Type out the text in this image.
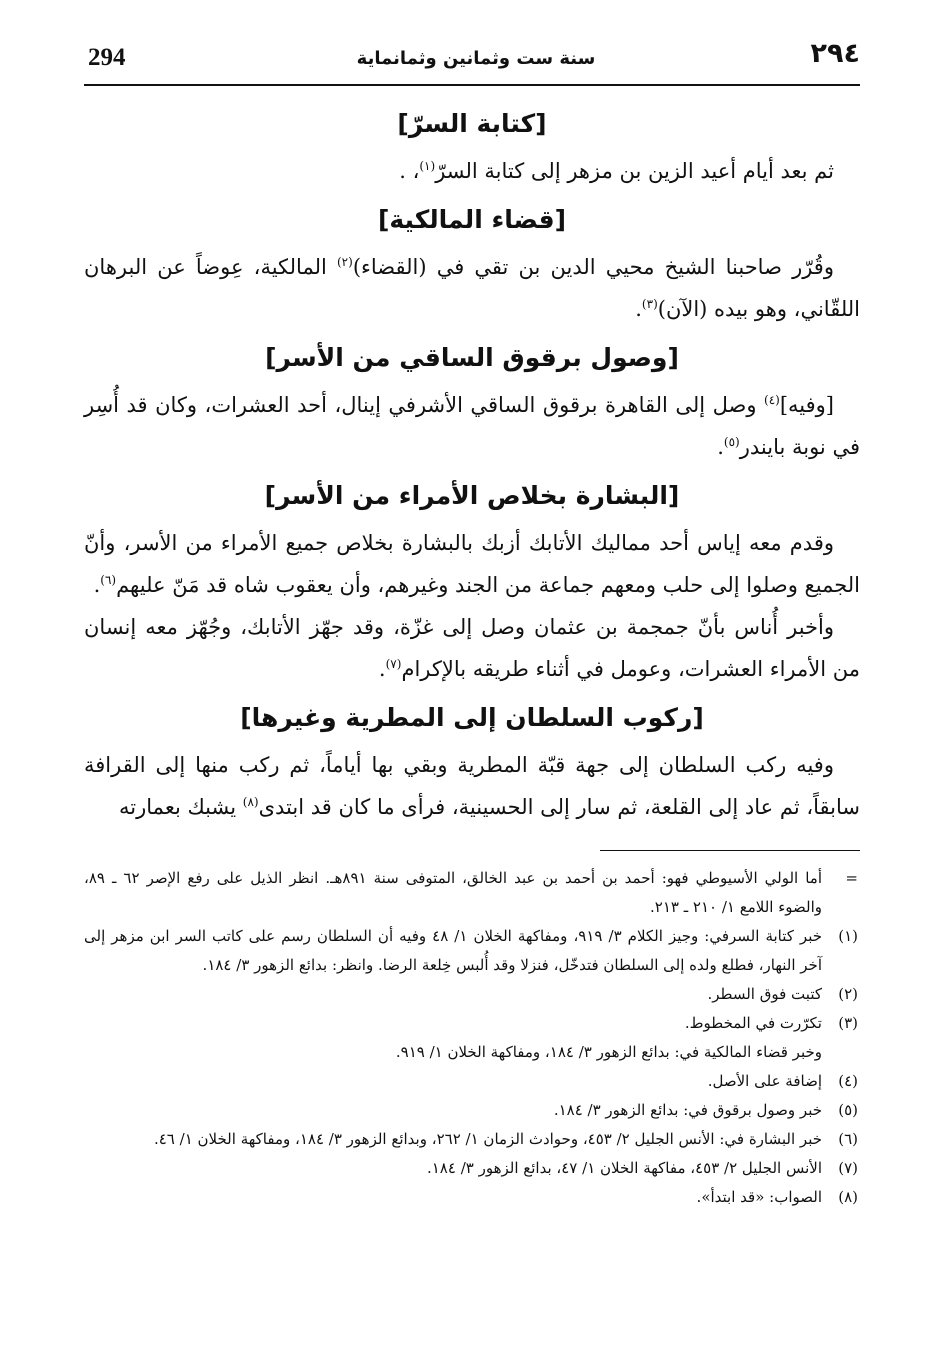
294	سنة ست وثمانين وثمانماية	٢٩٤
[كتابة السرّ]

ثم بعد أيام أعيد الزين بن مزهر إلى كتابة السرّ$^{(١)}$، .

[قضاء المالكية]

وقُرّر صاحبنا الشيخ محيي الدين بن تقي في (القضاء)$^{(٢)}$ المالكية، عِوضاً عن البرهان اللقّاني، وهو بيده (الآن)$^{(٣)}$.

[وصول برقوق الساقي من الأسر]

[وفيه]$^{(٤)}$ وصل إلى القاهرة برقوق الساقي الأشرفي إينال، أحد العشرات، وكان قد أُسِر في نوبة بايندر$^{(٥)}$.

[البشارة بخلاص الأمراء من الأسر]

وقدم معه إياس أحد مماليك الأتابك أزبك بالبشارة بخلاص جميع الأمراء من الأسر، وأنّ الجميع وصلوا إلى حلب ومعهم جماعة من الجند وغيرهم، وأن يعقوب شاه قد مَنّ عليهم$^{(٦)}$.

وأخبر أُناس بأنّ جمجمة بن عثمان وصل إلى غزّة، وقد جهّز الأتابك، وجُهّز معه إنسان من الأمراء العشرات، وعومل في أثناء طريقه بالإكرام$^{(٧)}$.

[ركوب السلطان إلى المطرية وغيرها]

وفيه ركب السلطان إلى جهة قبّة المطرية وبقي بها أياماً، ثم ركب منها إلى القرافة سابقاً، ثم عاد إلى القلعة، ثم سار إلى الحسينية، فرأى ما كان قد ابتدى$^{(٨)}$ يشبك بعمارته

=
أما الولي الأسيوطي فهو: أحمد بن أحمد بن عبد الخالق، المتوفى سنة ٨٩١هـ. انظر الذيل على رفع الإصر ٦٢ ـ ٨٩، والضوء اللامع ١/ ٢١٠ ـ ٢١٣.
(١)
خبر كتابة السرفي: وجيز الكلام ٣/ ٩١٩، ومفاكهة الخلان ١/ ٤٨ وفيه أن السلطان رسم على كاتب السر ابن مزهر إلى آخر النهار، فطلع ولده إلى السلطان فتدخّل، فنزلا وقد أُلبس خِلعة الرضا. وانظر: بدائع الزهور ٣/ ١٨٤.
(٢)
كتبت فوق السطر.
(٣)
تكرّرت في المخطوط.
وخبر قضاء المالكية في: بدائع الزهور ٣/ ١٨٤، ومفاكهة الخلان ١/ ٩١٩.
(٤)
إضافة على الأصل.
(٥)
خبر وصول برقوق في: بدائع الزهور ٣/ ١٨٤.
(٦)
خبر البشارة في: الأنس الجليل ٢/ ٤٥٣، وحوادث الزمان ١/ ٢٦٢، وبدائع الزهور ٣/ ١٨٤، ومفاكهة الخلان ١/ ٤٦.
(٧)
الأنس الجليل ٢/ ٤٥٣، مفاكهة الخلان ١/ ٤٧، بدائع الزهور ٣/ ١٨٤.
(٨)
الصواب: «قد ابتدأ».
